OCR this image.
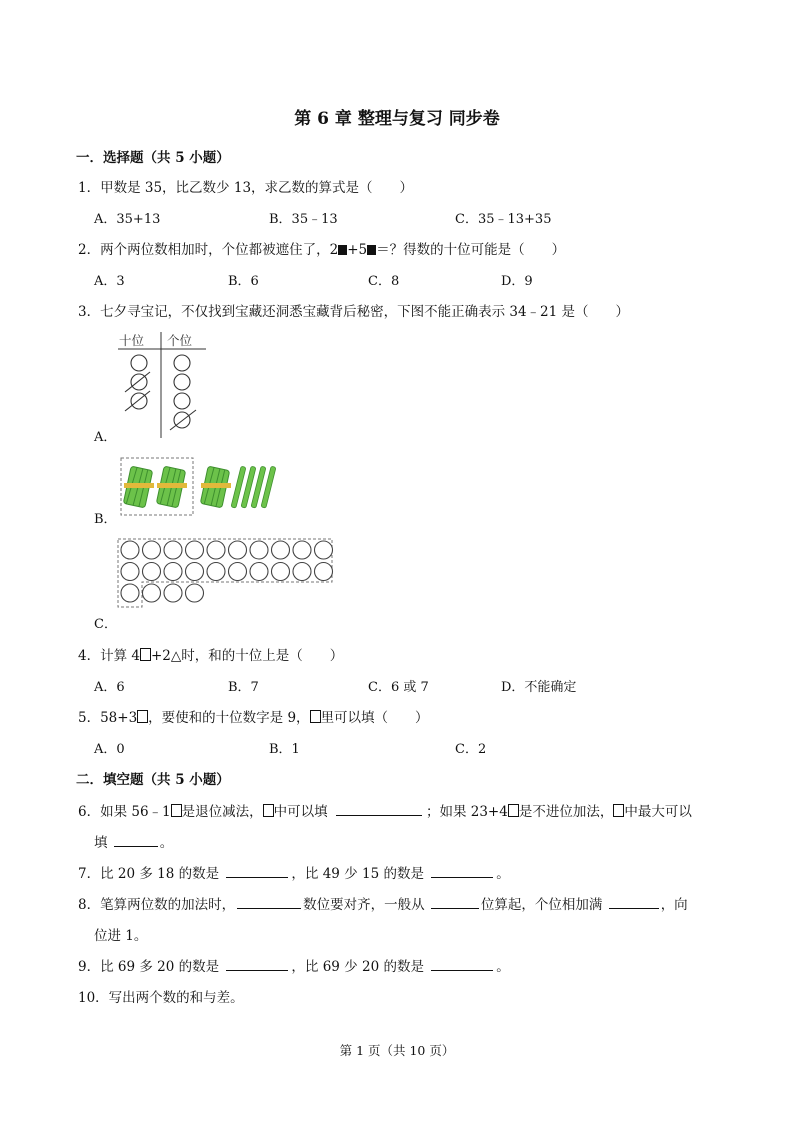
第 6 章 整理与复习 同步卷
一．选择题（共 5 小题）
1．甲数是 35，比乙数少 13，求乙数的算式是（　　）
A．35+13	B．35﹣13	C．35﹣13+35
2．两个两位数相加时，个位都被遮住了，2 +5 ＝？得数的十位可能是（　　）
A．3	B．6	C．8	D．9
3．七夕寻宝记，不仅找到宝藏还洞悉宝藏背后秘密，下图不能正确表示 34﹣21 是（　　）
A．
十位 个位
B．
C．
4．计算 4 +2△时，和的十位上是（　　）
A．6	B．7	C．6 或 7	D．不能确定
5．58+3 ，要使和的十位数字是 9， 里可以填（　　）
A．0	B．1	C．2
二．填空题（共 5 小题）
6．如果 56﹣1 是退位减法， 中可以填	；如果 23+4 是不进位加法， 中最大可以
填	。
7．比 20 多 18 的数是	，比 49 少 15 的数是	。
8．笔算两位数的加法时，	数位要对齐，一般从	位算起，个位相加满	，向
位进 1。
9．比 69 多 20 的数是	，比 69 少 20 的数是	。
10．写出两个数的和与差。
第 1 页（共 10 页）
